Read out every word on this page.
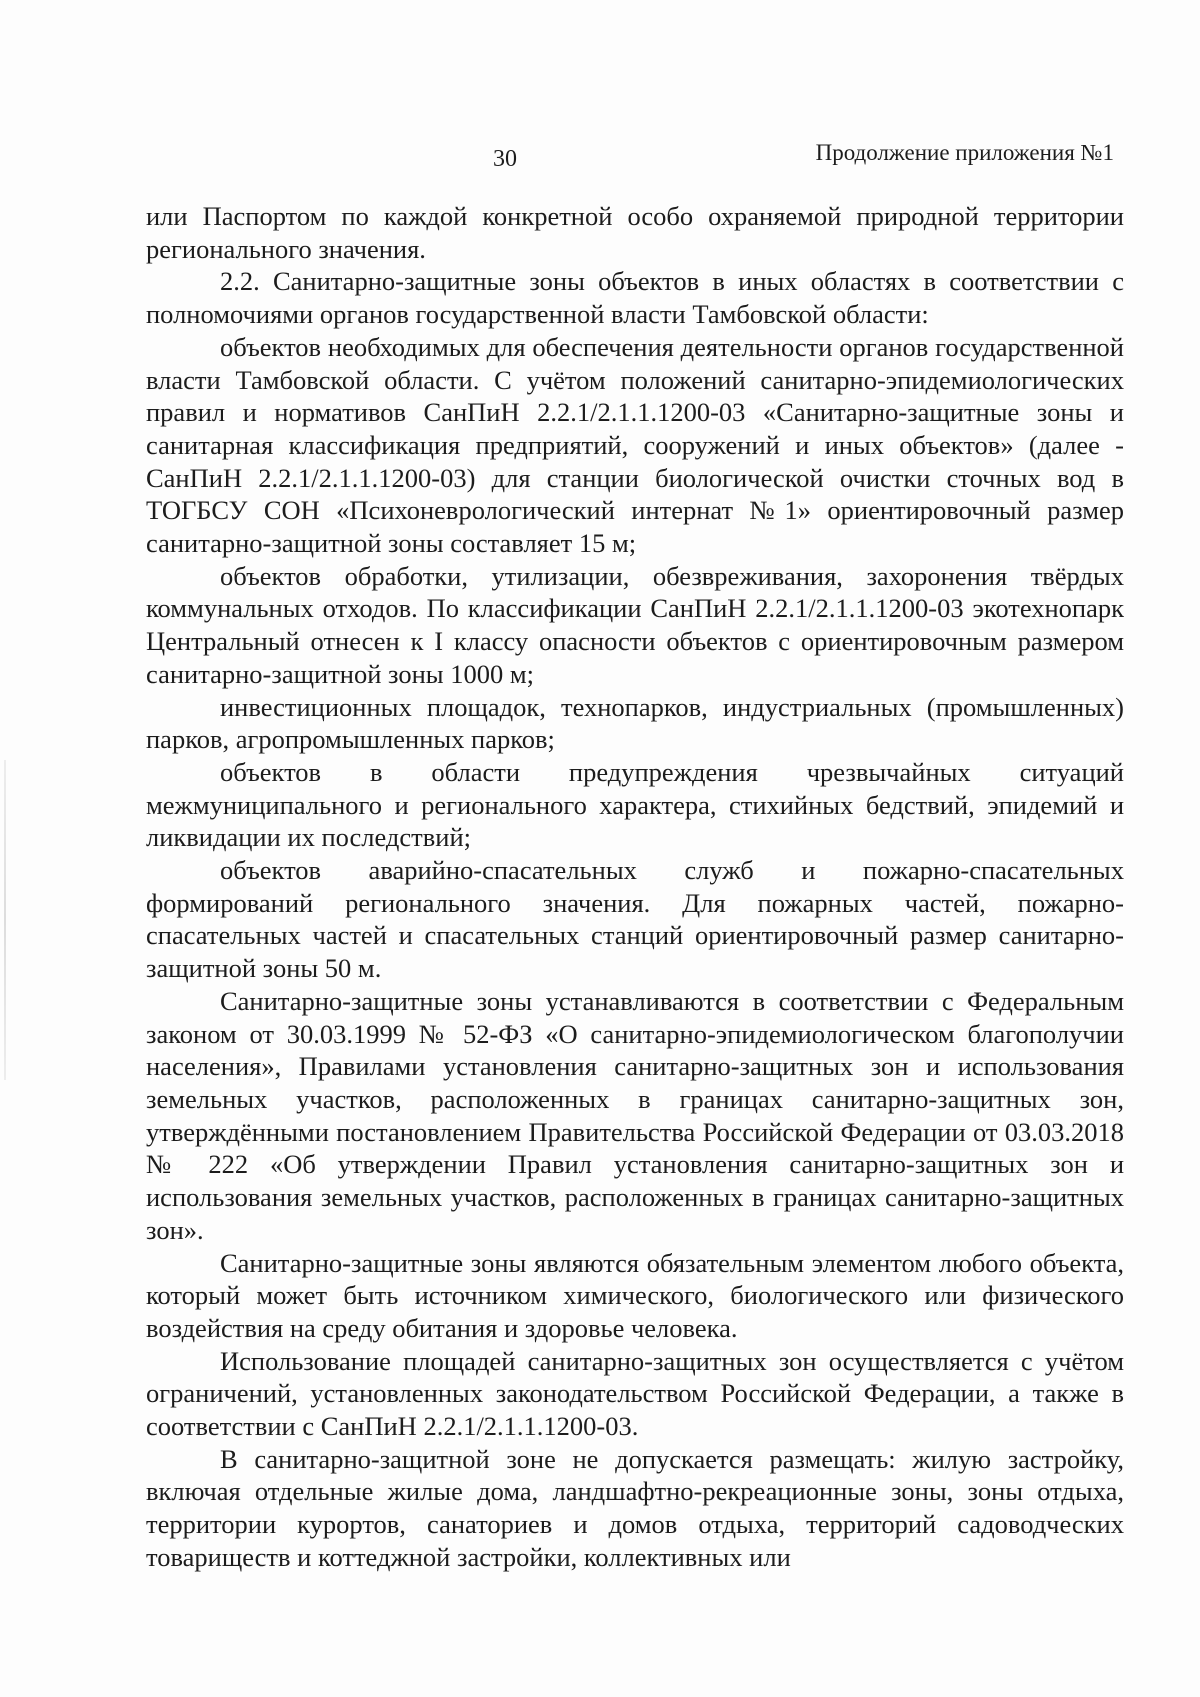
30	Продолжение приложения №1

или Паспортом по каждой конкретной особо охраняемой природной территории регионального значения.

2.2. Санитарно-защитные зоны объектов в иных областях в соответствии с полномочиями органов государственной власти Тамбовской области:

объектов необходимых для обеспечения деятельности органов государственной власти Тамбовской области. С учётом положений санитарно-эпидемиологических правил и нормативов СанПиН 2.2.1/2.1.1.1200-03 «Санитарно-защитные зоны и санитарная классификация предприятий, сооружений и иных объектов» (далее - СанПиН 2.2.1/2.1.1.1200-03) для станции биологической очистки сточных вод в ТОГБСУ СОН «Психоневрологический интернат №1» ориентировочный размер санитарно-защитной зоны составляет 15 м;

объектов обработки, утилизации, обезвреживания, захоронения твёрдых коммунальных отходов. По классификации СанПиН 2.2.1/2.1.1.1200-03 экотехнопарк Центральный отнесен к I классу опасности объектов с ориентировочным размером санитарно-защитной зоны 1000 м;

инвестиционных площадок, технопарков, индустриальных (промышленных) парков, агропромышленных парков;

объектов в области предупреждения чрезвычайных ситуаций межмуниципального и регионального характера, стихийных бедствий, эпидемий и ликвидации их последствий;

объектов аварийно-спасательных служб и пожарно-спасательных формирований регионального значения. Для пожарных частей, пожарно-спасательных частей и спасательных станций ориентировочный размер санитарно-защитной зоны 50 м.

Санитарно-защитные зоны устанавливаются в соответствии с Федеральным законом от 30.03.1999 № 52-ФЗ «О санитарно-эпидемиологическом благополучии населения», Правилами установления санитарно-защитных зон и использования земельных участков, расположенных в границах санитарно-защитных зон, утверждёнными постановлением Правительства Российской Федерации от 03.03.2018 № 222 «Об утверждении Правил установления санитарно-защитных зон и использования земельных участков, расположенных в границах санитарно-защитных зон».

Санитарно-защитные зоны являются обязательным элементом любого объекта, который может быть источником химического, биологического или физического воздействия на среду обитания и здоровье человека.

Использование площадей санитарно-защитных зон осуществляется с учётом ограничений, установленных законодательством Российской Федерации, а также в соответствии с СанПиН 2.2.1/2.1.1.1200-03.

В санитарно-защитной зоне не допускается размещать: жилую застройку, включая отдельные жилые дома, ландшафтно-рекреационные зоны, зоны отдыха, территории курортов, санаториев и домов отдыха, территорий садоводческих товариществ и коттеджной застройки, коллективных или
